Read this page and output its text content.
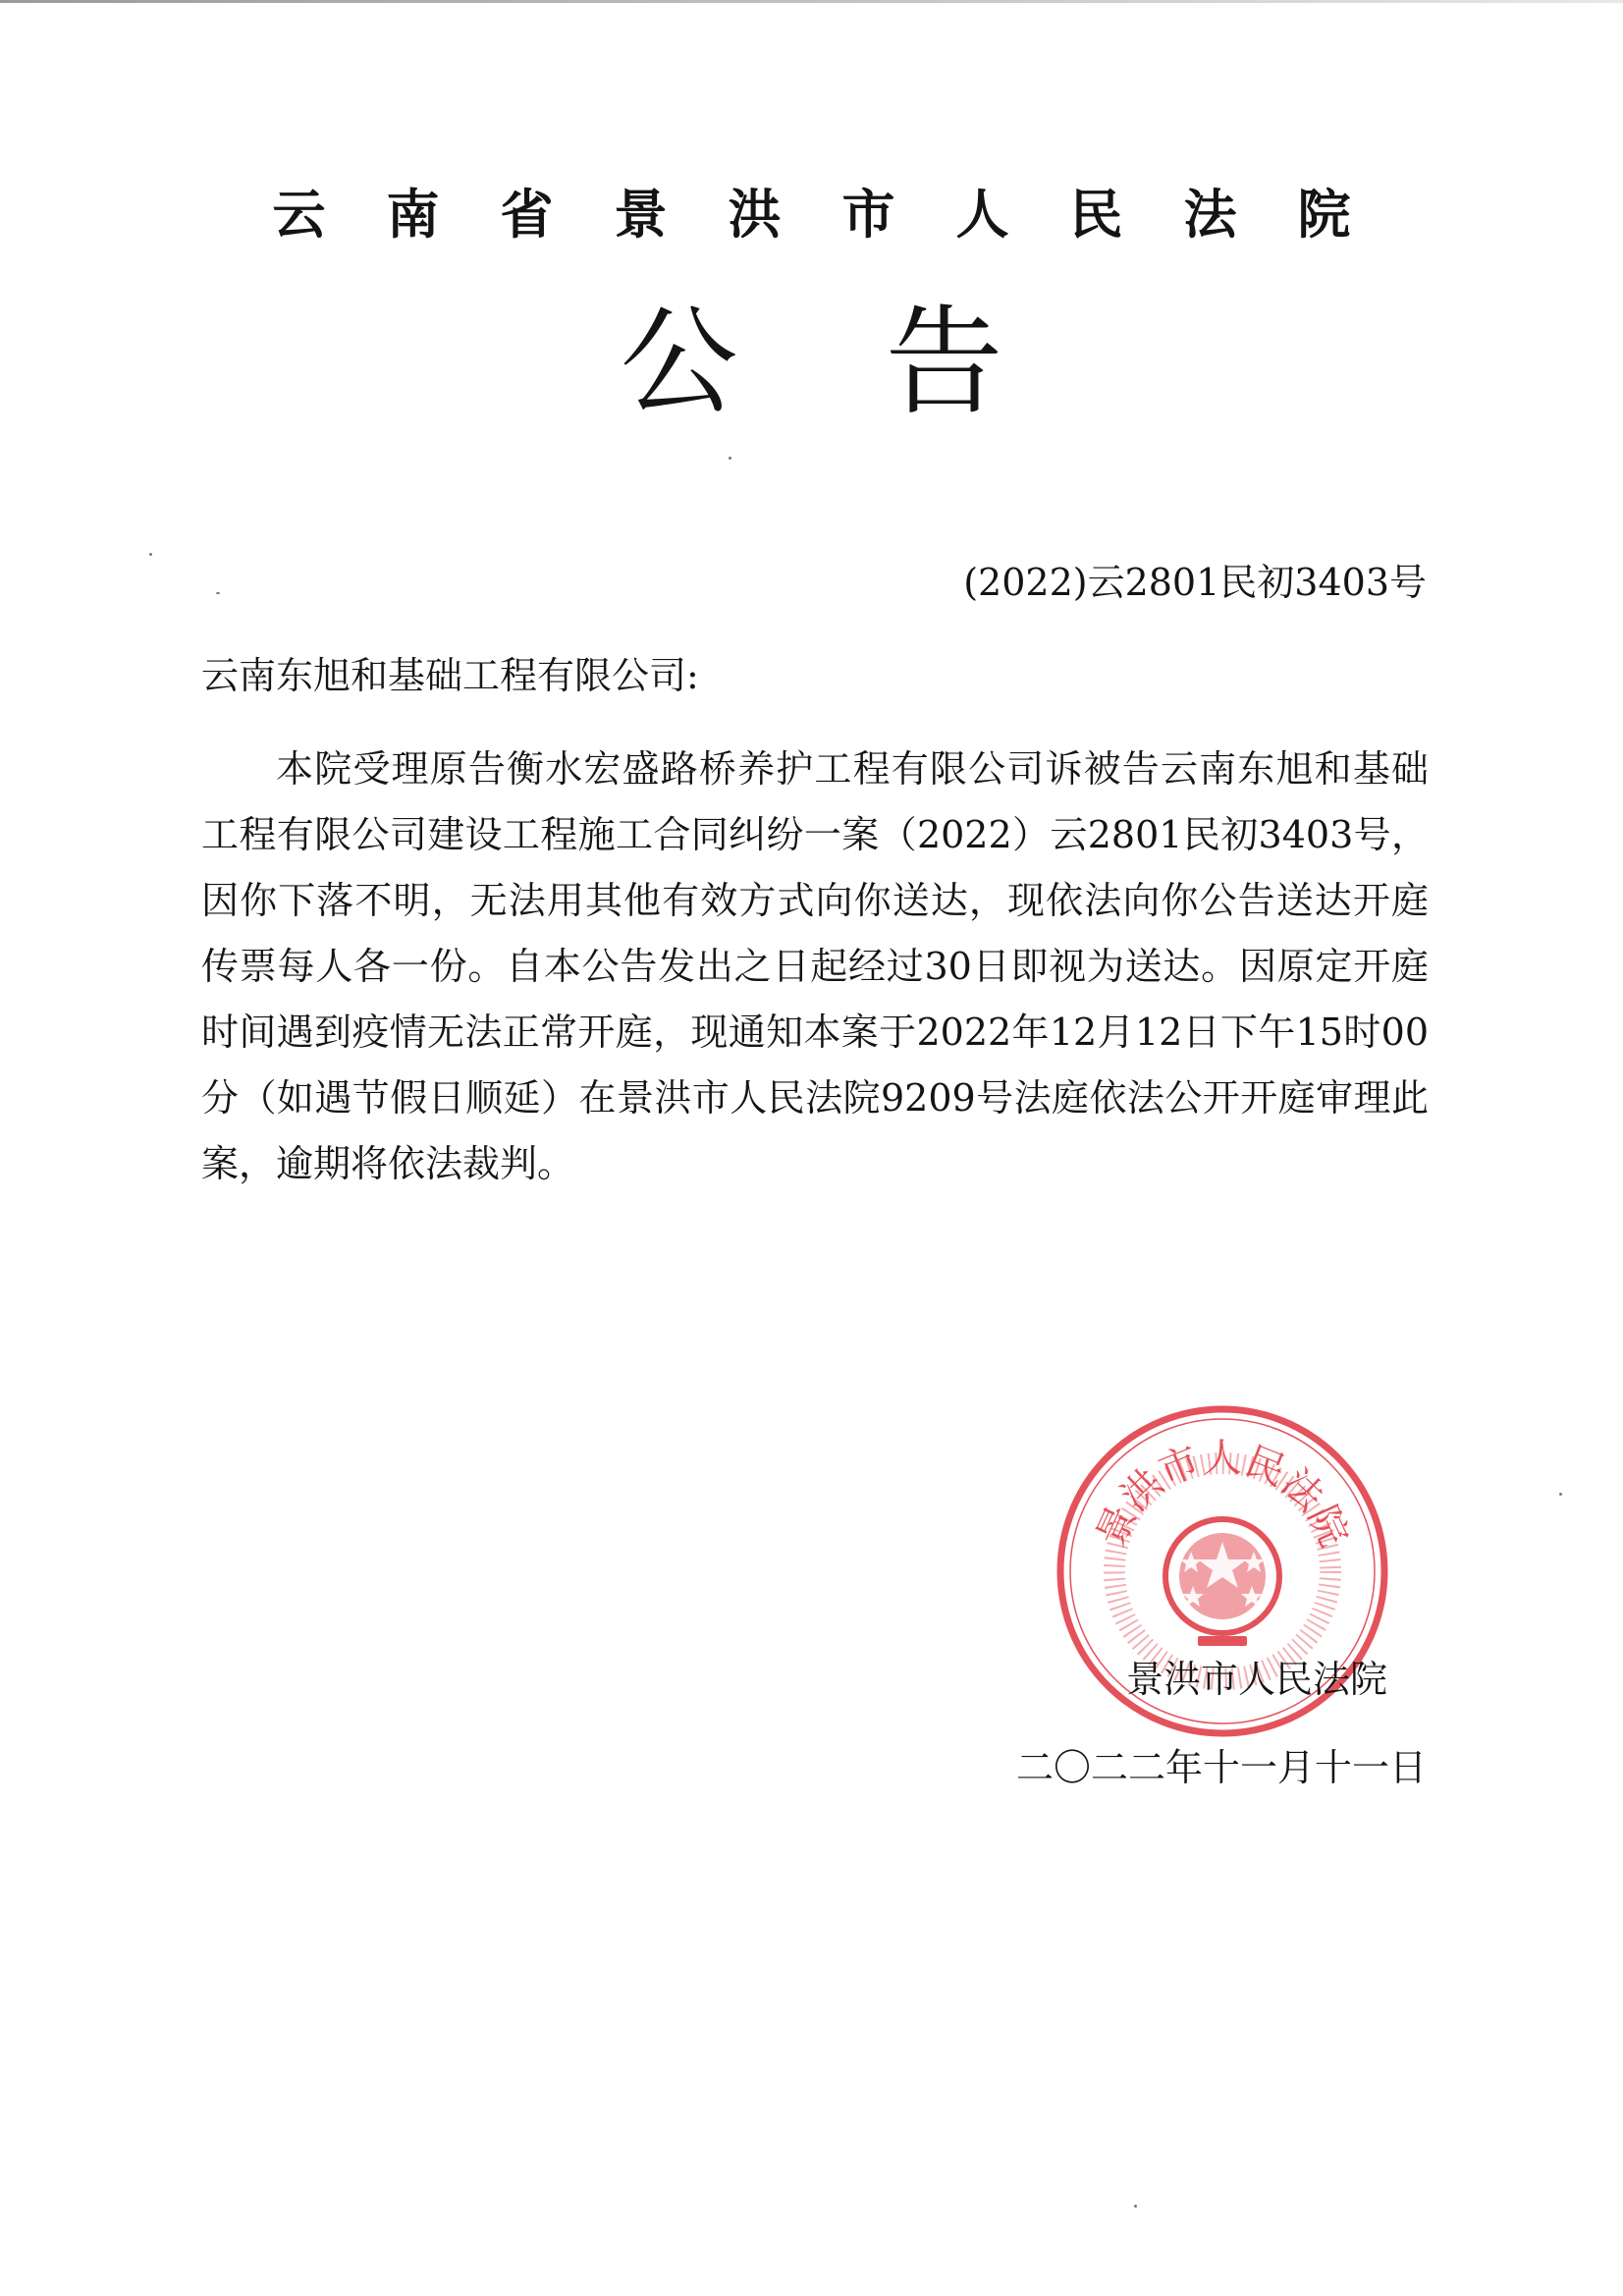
云南省景洪市人民法院
公告
(2022)云2801民初3403号
云南东旭和基础工程有限公司:

本院受理原告衡水宏盛路桥养护工程有限公司诉被告云南东旭和基础工程有限公司建设工程施工合同纠纷一案（2022）云2801民初3403号，因你下落不明，无法用其他有效方式向你送达，现依法向你公告送达开庭传票每人各一份。自本公告发出之日起经过30日即视为送达。因原定开庭时间遇到疫情无法正常开庭，现通知本案于2022年12月12日下午15时00分（如遇节假日顺延）在景洪市人民法院9209号法庭依法公开开庭审理此案，逾期将依法裁判。

景洪市人民法院
景洪市人民法院
二〇二二年十一月十一日
